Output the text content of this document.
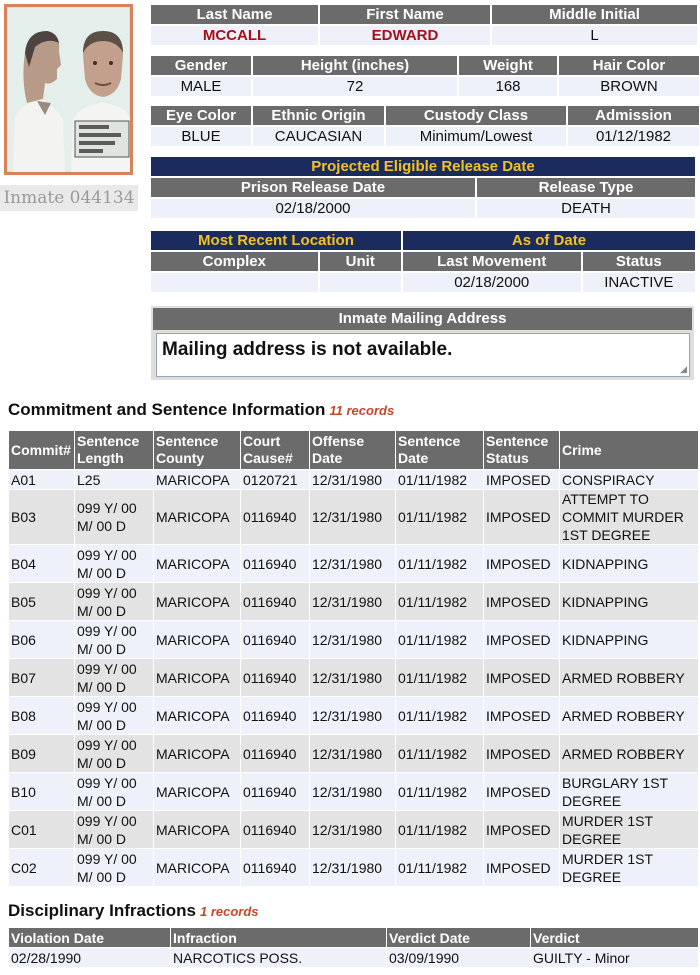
Inmate 044134
Last Name	First Name	Middle Initial
MCCALL	EDWARD	L
Gender	Height (inches)	Weight	Hair Color
MALE	72	168	BROWN
Eye Color	Ethnic Origin	Custody Class	Admission
BLUE	CAUCASIAN	Minimum/Lowest	01/12/1982
Projected Eligible Release Date	
Prison Release Date	Release Type
02/18/2000	DEATH
Most Recent Location		As of Date	
Complex	Unit	Last Movement	Status
		02/18/2000	INACTIVE
Inmate Mailing Address
Mailing address is not available.
◢
Commitment and Sentence Information 11 records
Commit#	Sentence Length	Sentence County	Court Cause#	Offense Date	Sentence Date	Sentence Status	Crime
A01	L25	MARICOPA	0120721	12/31/1980	01/11/1982	IMPOSED	CONSPIRACY
B03	099 Y/ 00 M/ 00 D	MARICOPA	0116940	12/31/1980	01/11/1982	IMPOSED	ATTEMPT TO COMMIT MURDER 1ST DEGREE
B04	099 Y/ 00 M/ 00 D	MARICOPA	0116940	12/31/1980	01/11/1982	IMPOSED	KIDNAPPING
B05	099 Y/ 00 M/ 00 D	MARICOPA	0116940	12/31/1980	01/11/1982	IMPOSED	KIDNAPPING
B06	099 Y/ 00 M/ 00 D	MARICOPA	0116940	12/31/1980	01/11/1982	IMPOSED	KIDNAPPING
B07	099 Y/ 00 M/ 00 D	MARICOPA	0116940	12/31/1980	01/11/1982	IMPOSED	ARMED ROBBERY
B08	099 Y/ 00 M/ 00 D	MARICOPA	0116940	12/31/1980	01/11/1982	IMPOSED	ARMED ROBBERY
B09	099 Y/ 00 M/ 00 D	MARICOPA	0116940	12/31/1980	01/11/1982	IMPOSED	ARMED ROBBERY
B10	099 Y/ 00 M/ 00 D	MARICOPA	0116940	12/31/1980	01/11/1982	IMPOSED	BURGLARY 1ST DEGREE
C01	099 Y/ 00 M/ 00 D	MARICOPA	0116940	12/31/1980	01/11/1982	IMPOSED	MURDER 1ST DEGREE
C02	099 Y/ 00 M/ 00 D	MARICOPA	0116940	12/31/1980	01/11/1982	IMPOSED	MURDER 1ST DEGREE
Disciplinary Infractions 1 records
Violation Date	Infraction	Verdict Date	Verdict
02/28/1990	NARCOTICS POSS.	03/09/1990	GUILTY - Minor
